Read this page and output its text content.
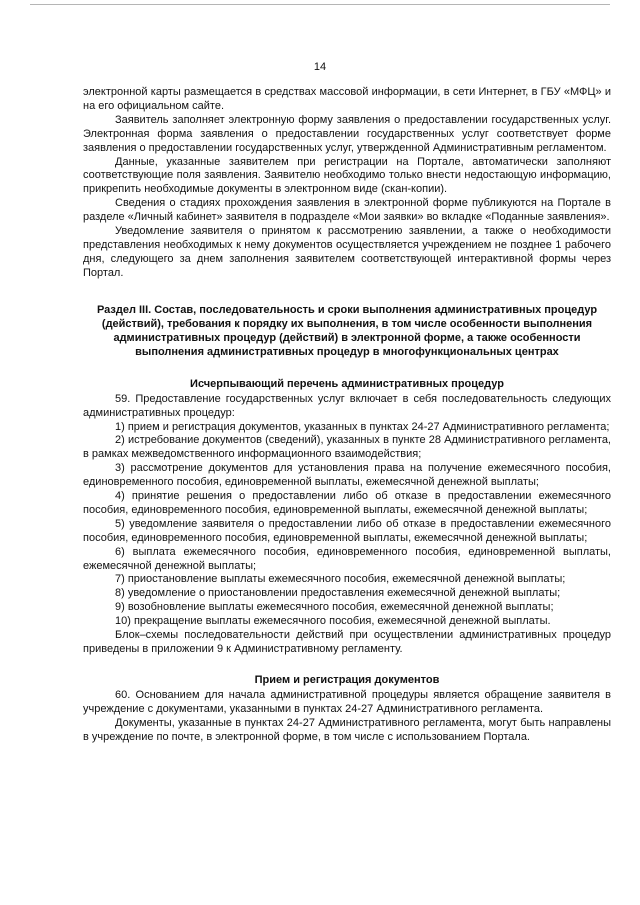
14

электронной карты размещается в средствах массовой информации, в сети Интернет, в ГБУ «МФЦ» и на его официальном сайте.

Заявитель заполняет электронную форму заявления о предоставлении государственных услуг. Электронная форма заявления о предоставлении государственных услуг соответствует форме заявления о предоставлении государственных услуг, утвержденной Административным регламентом.

Данные, указанные заявителем при регистрации на Портале, автоматически заполняют соответствующие поля заявления. Заявителю необходимо только внести недостающую информацию, прикрепить необходимые документы в электронном виде (скан-копии).

Сведения о стадиях прохождения заявления в электронной форме публикуются на Портале в разделе «Личный кабинет» заявителя в подразделе «Мои заявки» во вкладке «Поданные заявления».

Уведомление заявителя о принятом к рассмотрению заявлении, а также о необходимости представления необходимых к нему документов осуществляется учреждением не позднее 1 рабочего дня, следующего за днем заполнения заявителем соответствующей интерактивной формы через Портал.

Раздел III. Состав, последовательность и сроки выполнения административных процедур (действий), требования к порядку их выполнения, в том числе особенности выполнения административных процедур (действий) в электронной форме, а также особенности выполнения административных процедур в многофункциональных центрах
Исчерпывающий перечень административных процедур

59. Предоставление государственных услуг включает в себя последовательность следующих административных процедур:

1) прием и регистрация документов, указанных в пунктах 24-27 Административного регламента;

2) истребование документов (сведений), указанных в пункте 28 Административного регламента, в рамках межведомственного информационного взаимодействия;

3) рассмотрение документов для установления права на получение ежемесячного пособия, единовременного пособия, единовременной выплаты, ежемесячной денежной выплаты;

4) принятие решения о предоставлении либо об отказе в предоставлении ежемесячного пособия, единовременного пособия, единовременной выплаты, ежемесячной денежной выплаты;

5) уведомление заявителя о предоставлении либо об отказе в предоставлении ежемесячного пособия, единовременного пособия, единовременной выплаты, ежемесячной денежной выплаты;

6) выплата ежемесячного пособия, единовременного пособия, единовременной выплаты, ежемесячной денежной выплаты;

7) приостановление выплаты ежемесячного пособия, ежемесячной денежной выплаты;

8) уведомление о приостановлении предоставления ежемесячной денежной выплаты;

9) возобновление выплаты ежемесячного пособия, ежемесячной денежной выплаты;

10) прекращение выплаты ежемесячного пособия, ежемесячной денежной выплаты.

Блок–схемы последовательности действий при осуществлении административных процедур приведены в приложении 9 к Административному регламенту.

Прием и регистрация документов

60. Основанием для начала административной процедуры является обращение заявителя в учреждение с документами, указанными в пунктах 24-27 Административного регламента.

Документы, указанные в пунктах 24-27 Административного регламента, могут быть направлены в учреждение по почте, в электронной форме, в том числе с использованием Портала.
